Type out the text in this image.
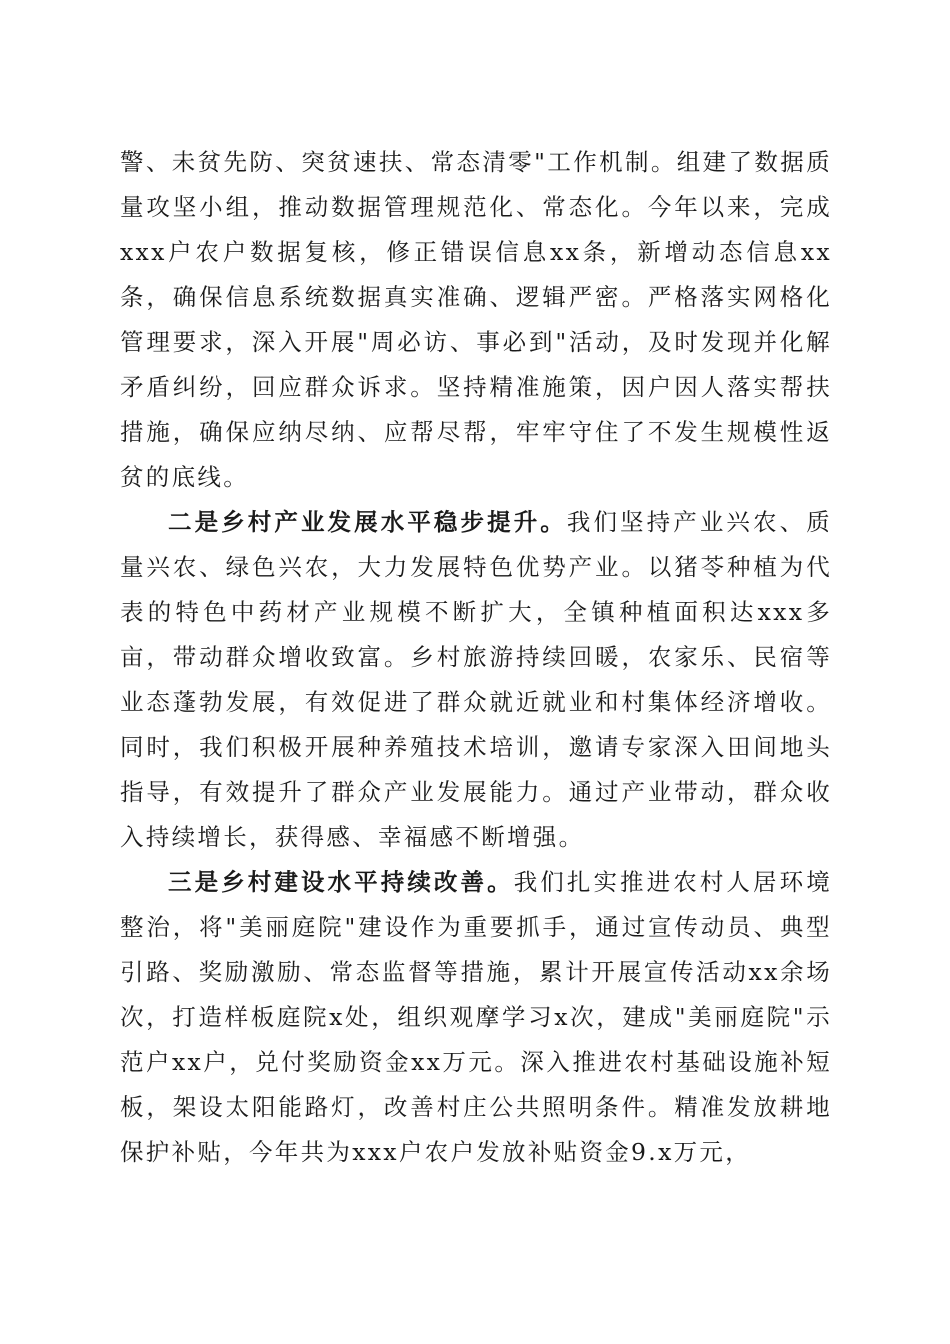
警、未贫先防、突贫速扶、常态清零"工作机制。组建了数据质量攻坚小组，推动数据管理规范化、常态化。今年以来，完成xxx户农户数据复核，修正错误信息xx条，新增动态信息xx条，确保信息系统数据真实准确、逻辑严密。严格落实网格化管理要求，深入开展"周必访、事必到"活动，及时发现并化解矛盾纠纷，回应群众诉求。坚持精准施策，因户因人落实帮扶措施，确保应纳尽纳、应帮尽帮，牢牢守住了不发生规模性返贫的底线。

二是乡村产业发展水平稳步提升。我们坚持产业兴农、质量兴农、绿色兴农，大力发展特色优势产业。以猪苓种植为代表的特色中药材产业规模不断扩大，全镇种植面积达xxx多亩，带动群众增收致富。乡村旅游持续回暖，农家乐、民宿等业态蓬勃发展，有效促进了群众就近就业和村集体经济增收。同时，我们积极开展种养殖技术培训，邀请专家深入田间地头指导，有效提升了群众产业发展能力。通过产业带动，群众收入持续增长，获得感、幸福感不断增强。

三是乡村建设水平持续改善。我们扎实推进农村人居环境整治，将"美丽庭院"建设作为重要抓手，通过宣传动员、典型引路、奖励激励、常态监督等措施，累计开展宣传活动xx余场次，打造样板庭院x处，组织观摩学习x次，建成"美丽庭院"示范户xx户，兑付奖励资金xx万元。深入推进农村基础设施补短板，架设太阳能路灯，改善村庄公共照明条件。精准发放耕地保护补贴，今年共为xxx户农户发放补贴资金9.x万元，
